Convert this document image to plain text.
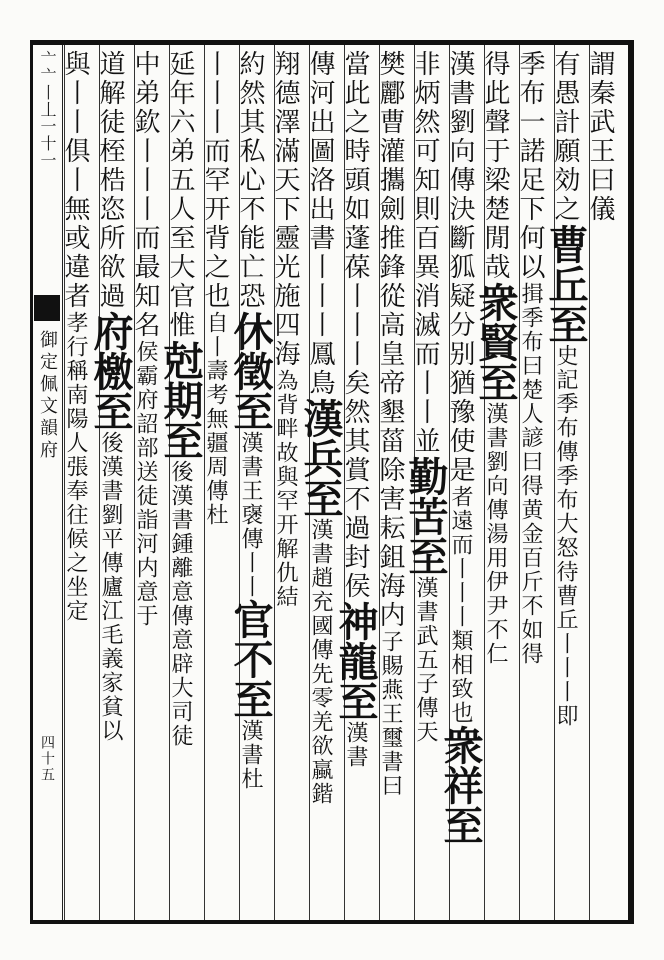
亠亠丨丄一十一
御定佩文韻府
四十五
謂秦武王曰儀
有愚計願効之曹丘至史記季布傳季布大怒待曹丘丨丨丨即
季布一諾足下何以揖季布曰楚人諺曰得黄金百斤不如得
得此聲于梁楚閒哉衆賢至漢書劉向傳湯用伊尹不仁
漢書劉向傳決斷狐疑分别猶豫使是者遠而丨丨丨類相致也衆祥至
非炳然可知則百異消滅而丨丨並勤苦至漢書武五子傳天
樊酈曹灌攜劍推鋒從高皇帝墾菑除害耘鉏海内子賜燕王璽書曰
當此之時頭如蓬葆丨丨丨矣然其賞不過封侯神龍至漢書
傳河出圖洛出書丨丨丨鳳鳥漢兵至漢書趙充國傳先零羌欲蠃鍇
翔德澤滿天下靈光施四海為背畔故與罕开解仇結
約然其私心不能亡恐休徵至漢書王襃傳丨丨官不至漢書杜
丨丨丨而罕开背之也自丨壽考無疆周傳杜
延年六弟五人至大官惟尅期至後漢書鍾離意傳意辟大司徒
中弟欽丨丨丨而最知名侯霸府詔部送徒詣河内意于
道解徒桎梏恣所欲過府檄至後漢書劉平傳廬江毛義家貧以
與丨丨俱丨無或違者孝行稱南陽人張奉往候之坐定
